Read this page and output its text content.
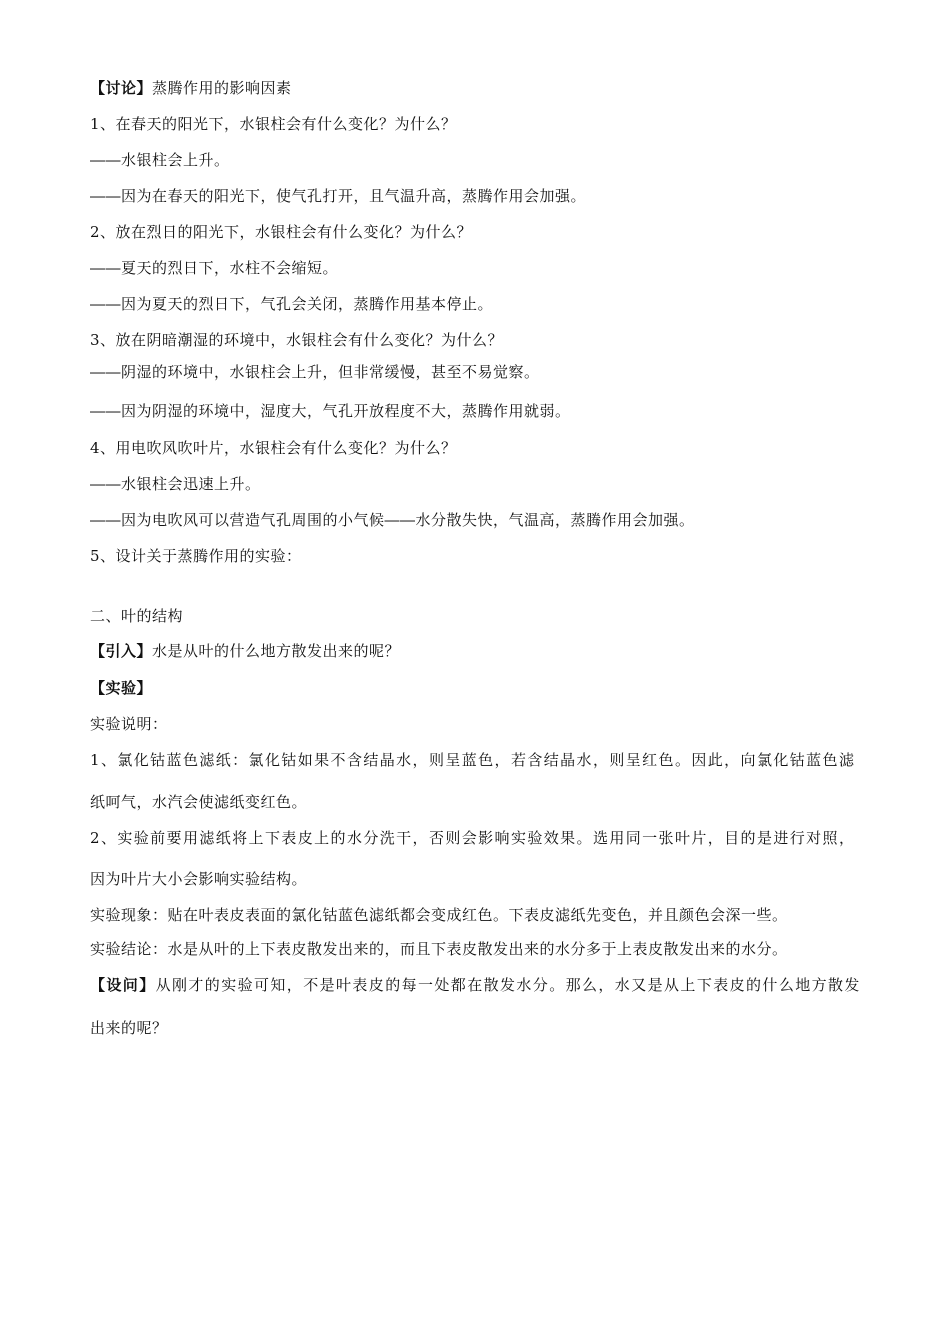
【讨论】蒸腾作用的影响因素
1、在春天的阳光下，水银柱会有什么变化？为什么？
――水银柱会上升。
――因为在春天的阳光下，使气孔打开，且气温升高，蒸腾作用会加强。
2、放在烈日的阳光下，水银柱会有什么变化？为什么？
――夏天的烈日下，水柱不会缩短。
――因为夏天的烈日下，气孔会关闭，蒸腾作用基本停止。
3、放在阴暗潮湿的环境中，水银柱会有什么变化？为什么？
――阴湿的环境中，水银柱会上升，但非常缓慢，甚至不易觉察。
――因为阴湿的环境中，湿度大，气孔开放程度不大，蒸腾作用就弱。
4、用电吹风吹叶片，水银柱会有什么变化？为什么？
――水银柱会迅速上升。
――因为电吹风可以营造气孔周围的小气候――水分散失快，气温高，蒸腾作用会加强。
5、设计关于蒸腾作用的实验：
二、叶的结构
【引入】水是从叶的什么地方散发出来的呢？
【实验】
实验说明：
1、氯化钴蓝色滤纸：氯化钴如果不含结晶水，则呈蓝色，若含结晶水，则呈红色。因此，向氯化钴蓝色滤
纸呵气，水汽会使滤纸变红色。
2、实验前要用滤纸将上下表皮上的水分洗干，否则会影响实验效果。选用同一张叶片，目的是进行对照，
因为叶片大小会影响实验结构。
实验现象：贴在叶表皮表面的氯化钴蓝色滤纸都会变成红色。下表皮滤纸先变色，并且颜色会深一些。
实验结论：水是从叶的上下表皮散发出来的，而且下表皮散发出来的水分多于上表皮散发出来的水分。
【设问】从刚才的实验可知，不是叶表皮的每一处都在散发水分。那么，水又是从上下表皮的什么地方散发
出来的呢？
